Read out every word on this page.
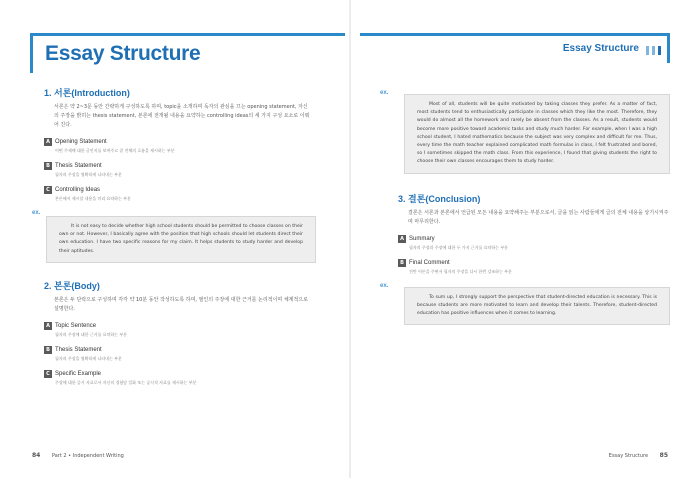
Essay Structure
1. 서론(Introduction)
서론은 약 2~3문 동안 간략하게 구성하도록 하며, topic을 소개하며 독자의 관심을 끄는 opening statement, 자신의 주장을 밝히는 thesis statement, 본론에 전개될 내용을 요약하는 controlling ideas의 세 가지 구성 요소로 이뤄어 진다.
A Opening Statement
어떤 주제에 대한 글인지를 보여주고 잘 전체의 흐름을 제시하는 부분
B Thesis Statement
필자의 주장을 명확하게 나타내는 부분
C Controlling Ideas
본론에서 제시할 내용을 미리 요약하는 부분
ex.
It is not easy to decide whether high school students should be permitted to choose classes on their own or not. However, I basically agree with the position that high schools should let students direct their own education. I have two specific reasons for my claim. It helps students to study harder and develop their aptitudes.
2. 본론(Body)
본론은 두 단락으로 구성하며 각각 약 10분 동안 작성하도록 하며, 필인의 주장에 대한 근거를 논리적이며 체계적으로 설명한다.
A Topic Sentence
필자의 주장에 대한 근거를 요약하는 부분
B Thesis Statement
필자의 주장을 명확하게 나타내는 부분
C Specific Example
주장에 대한 증거 자료로서 자신의 경험담 일화 또는 공식적 자료를 제시하는 부분
84 Part 2 • Independent Writing
Essay Structure
ex.
Most of all, students will be quite motivated by taking classes they prefer. As a matter of fact, most students tend to enthusiastically participate in classes which they like the most. Therefore, they would do almost all the homework and rarely be absent from the classes. As a result, students would become more positive toward academic tasks and study much harder. For example, when I was a high school student, I hated mathematics because the subject was very complex and difficult for me. Thus, every time the math teacher explained complicated math formulas in class, I felt frustrated and bored, so I sometimes skipped the math class. From this experience, I found that giving students the right to choose their own classes encourages them to study harder.
3. 결론(Conclusion)
결론은 서론과 본론에서 언급된 모든 내용을 요약해주는 부분으로서, 글을 읽는 사람들에게 글의 전체 내용을 상기시켜주며 마무리한다.
A Summary
필자의 주장과 주장에 대한 두 가지 근거를 요약하는 부분
B Final Comment
전반 어론을 주면서 필자의 주장을 다시 한번 강조하는 부분
ex.
To sum up, I strongly support the perspective that student-directed education is necessary. This is because students are more motivated to learn and develop their talents. Therefore, student-directed education has positive influences when it comes to learning.
Essay Structure 85
